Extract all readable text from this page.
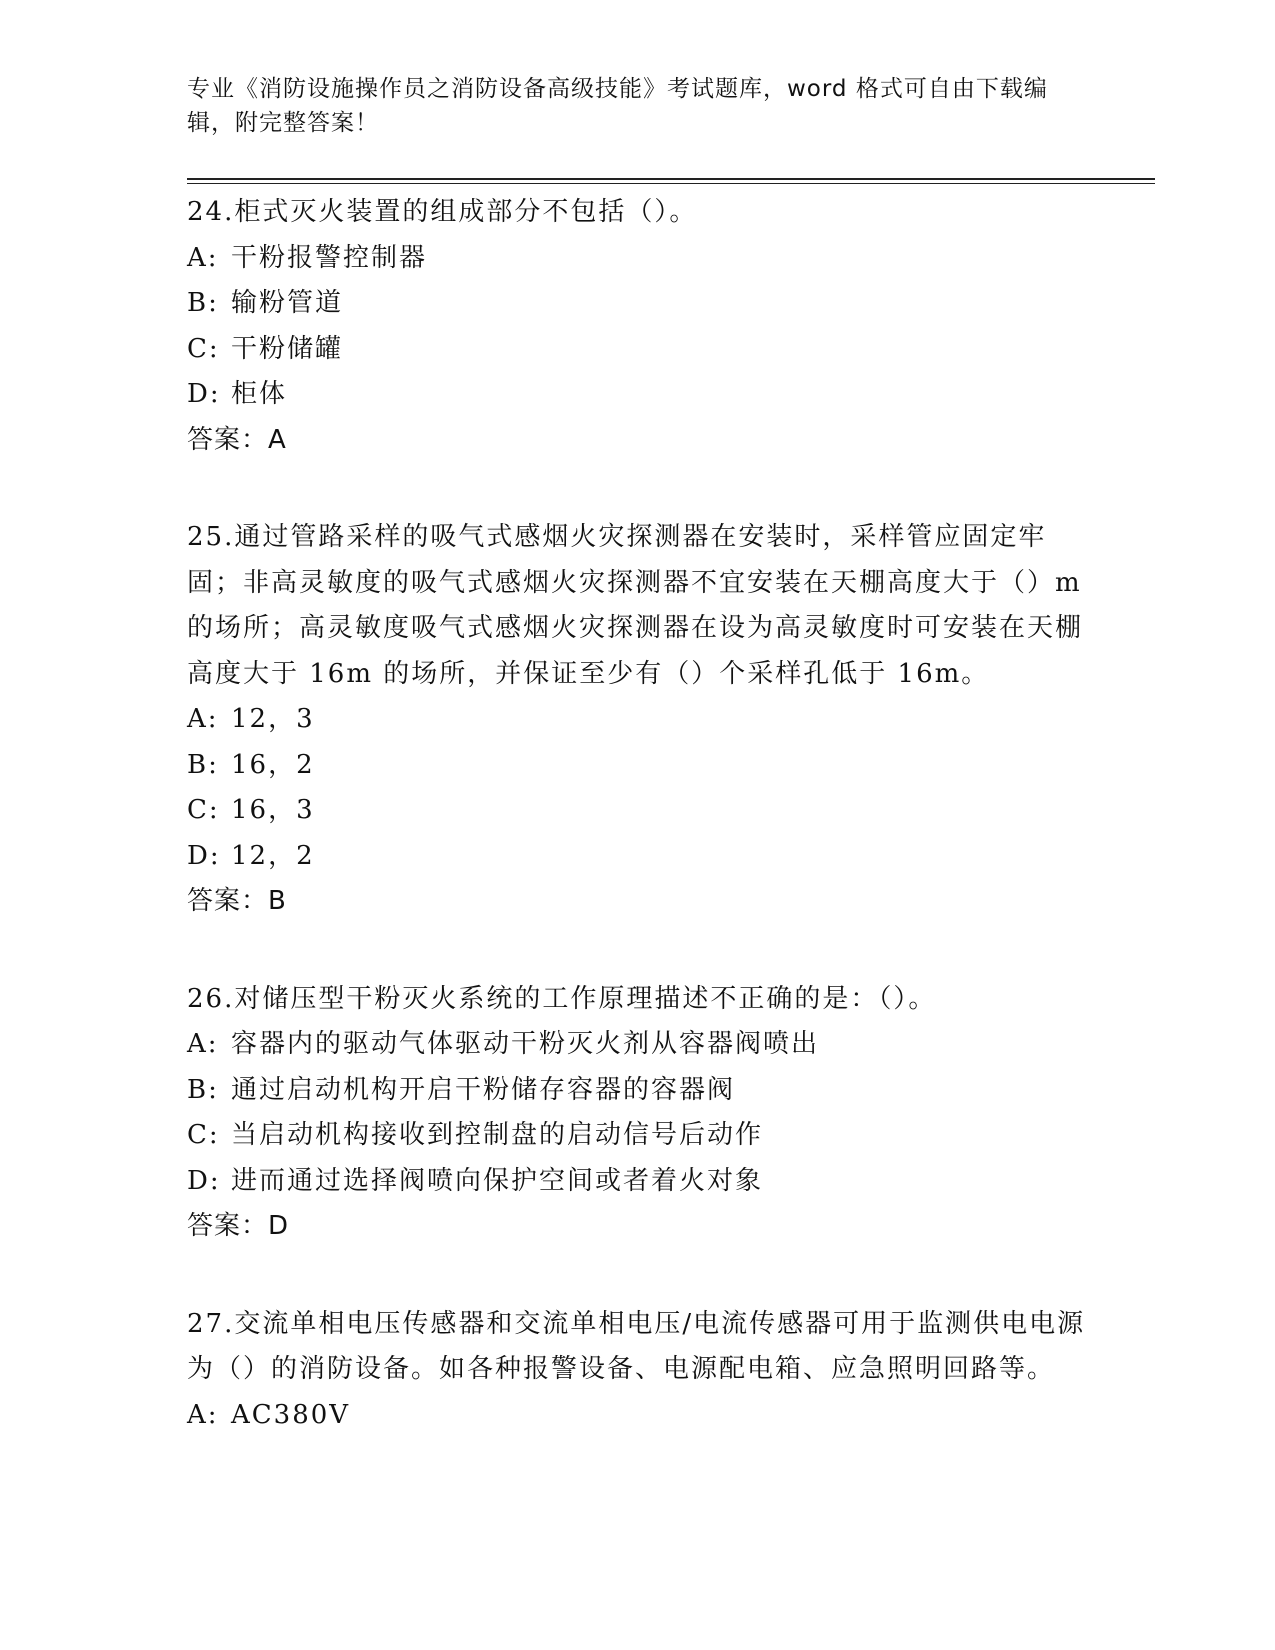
专业《消防设施操作员之消防设备高级技能》考试题库，word 格式可自由下载编辑，附完整答案！

24.柜式灭火装置的组成部分不包括（）。

A: 干粉报警控制器

B: 输粉管道

C: 干粉储罐

D: 柜体

答案：A

25.通过管路采样的吸气式感烟火灾探测器在安装时，采样管应固定牢固；非高灵敏度的吸气式感烟火灾探测器不宜安装在天棚高度大于（）m 的场所；高灵敏度吸气式感烟火灾探测器在设为高灵敏度时可安装在天棚高度大于 16m 的场所，并保证至少有（）个采样孔低于 16m。

A: 12，3

B: 16，2

C: 16，3

D: 12，2

答案：B

26.对储压型干粉灭火系统的工作原理描述不正确的是：（）。

A: 容器内的驱动气体驱动干粉灭火剂从容器阀喷出

B: 通过启动机构开启干粉储存容器的容器阀

C: 当启动机构接收到控制盘的启动信号后动作

D: 进而通过选择阀喷向保护空间或者着火对象

答案：D

27.交流单相电压传感器和交流单相电压/电流传感器可用于监测供电电源为（）的消防设备。如各种报警设备、电源配电箱、应急照明回路等。

A: AC380V
